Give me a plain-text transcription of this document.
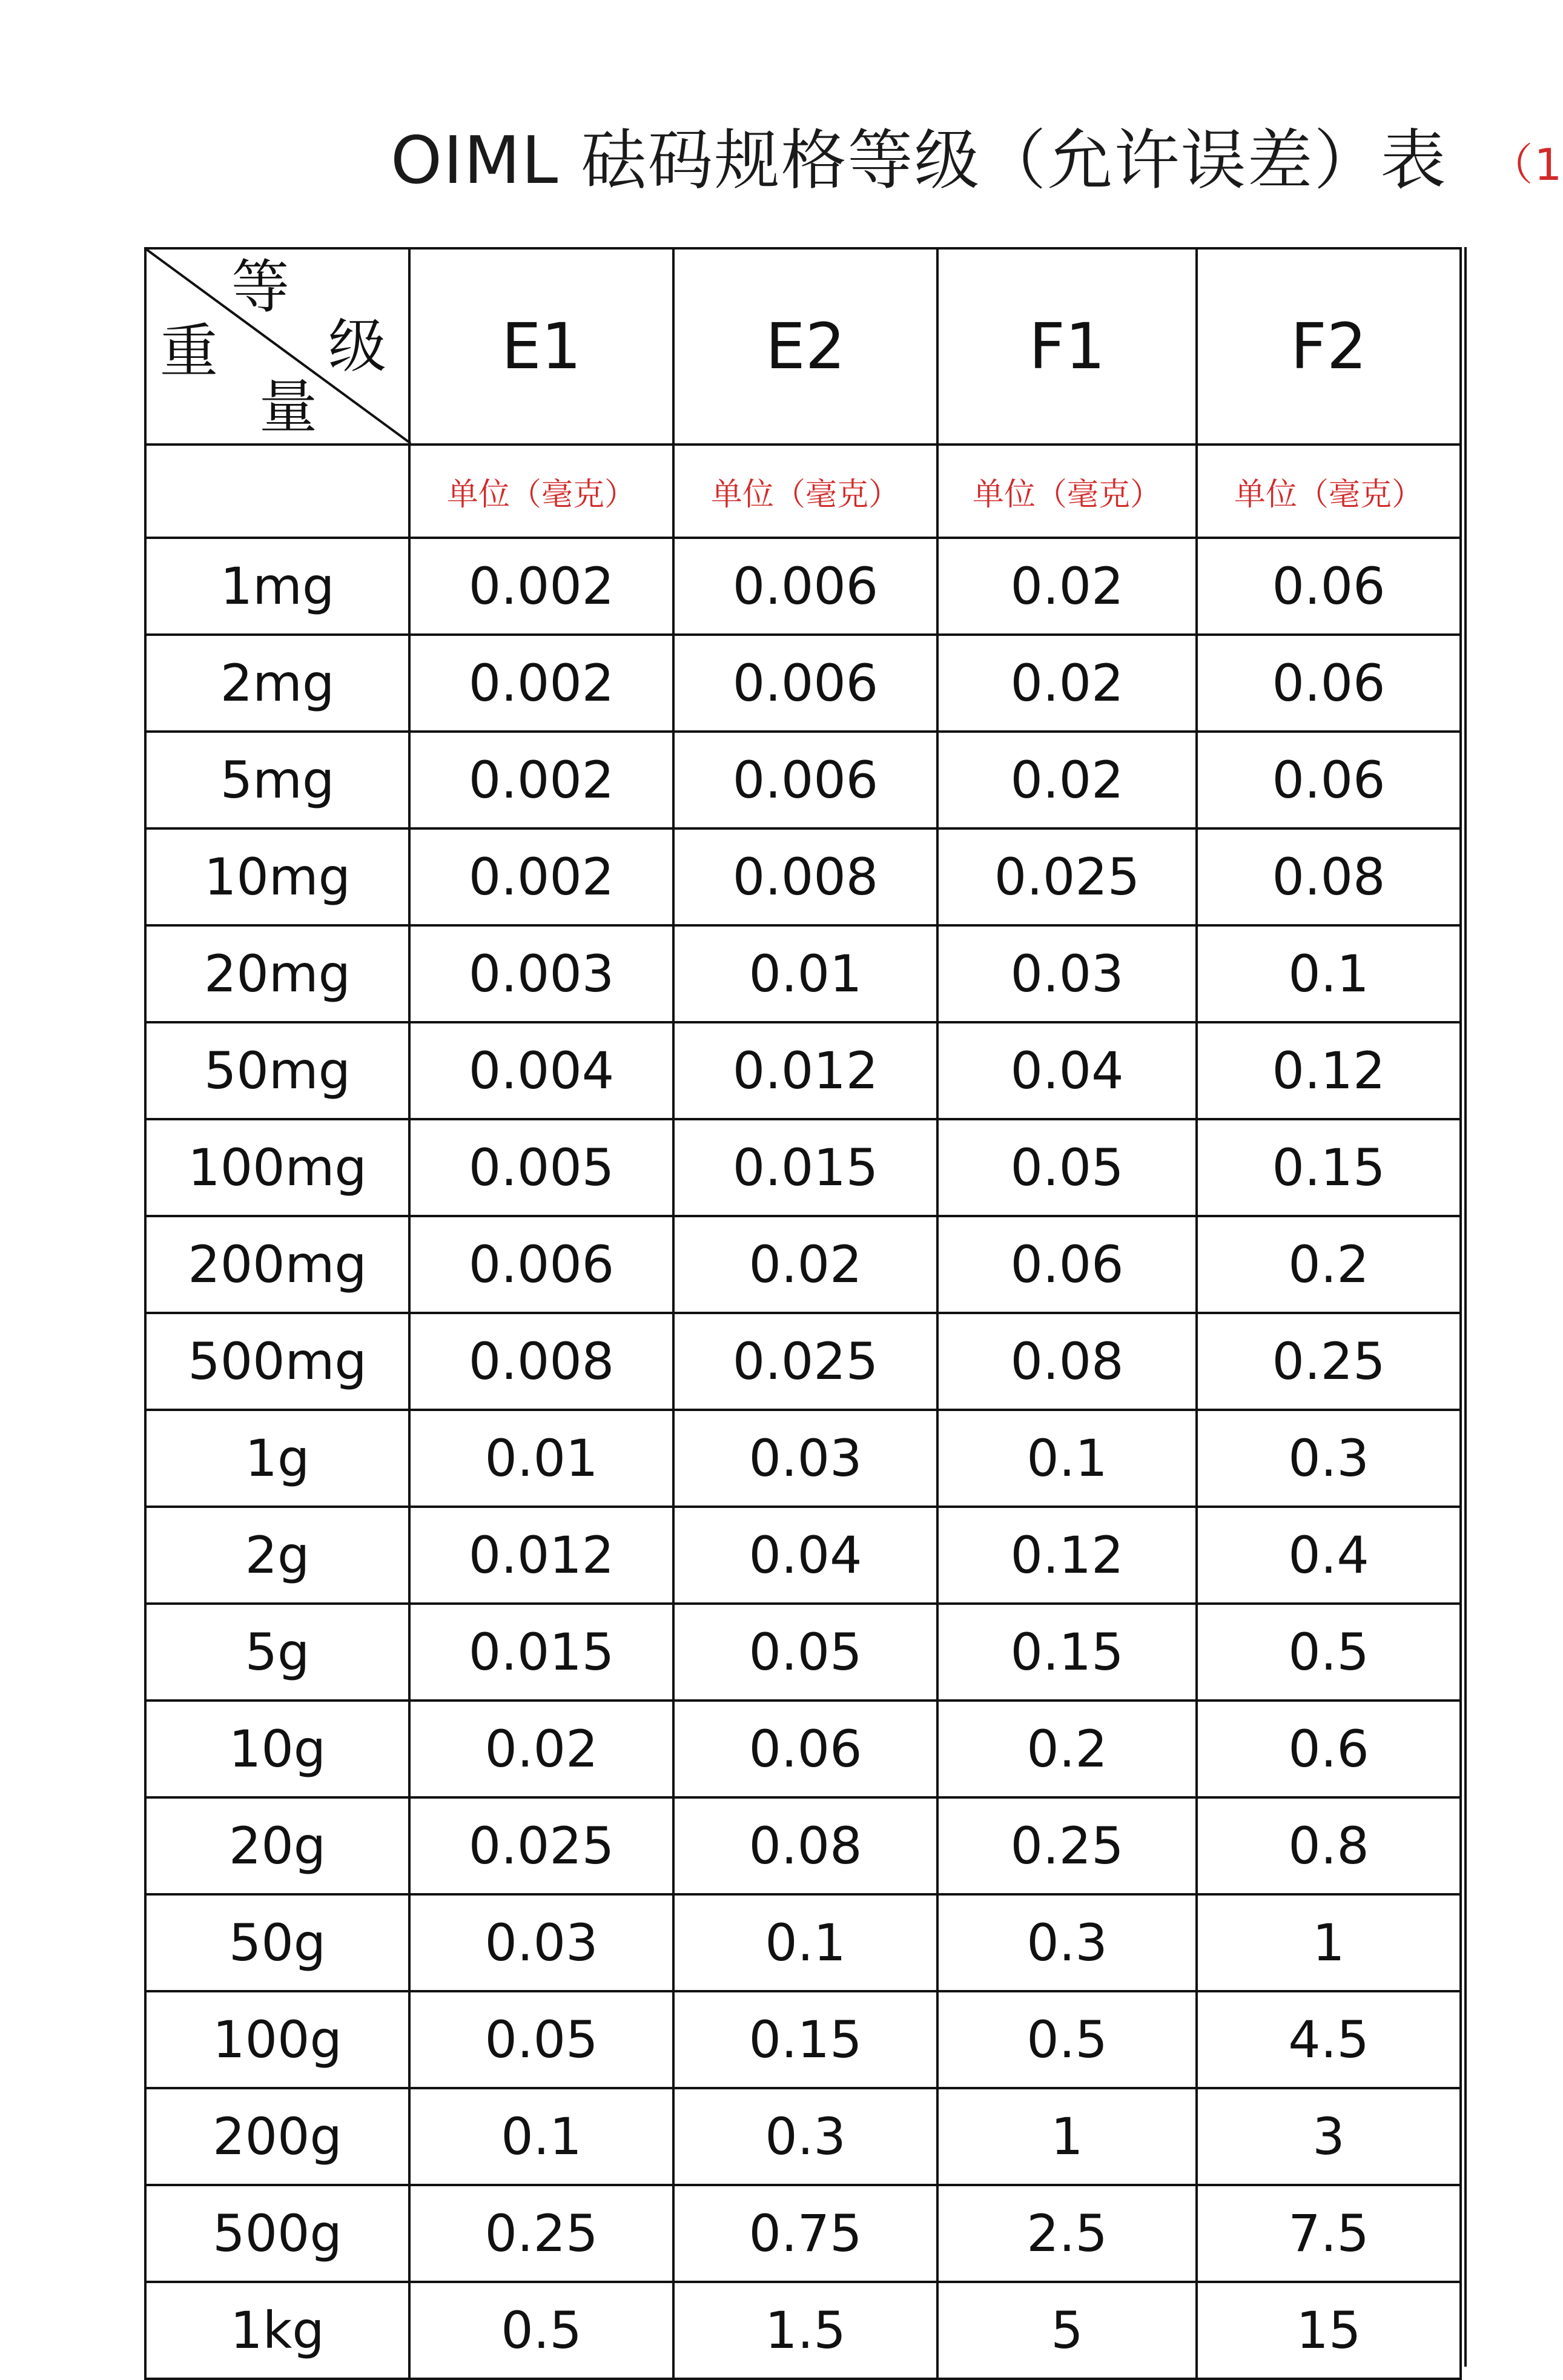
OIML 砝码规格等级（允许误差）表 （1
等
级
重
量	E1	E2	F1	F2
	单位（毫克）	单位（毫克）	单位（毫克）	单位（毫克）
1mg	0.002	0.006	0.02	0.06
2mg	0.002	0.006	0.02	0.06
5mg	0.002	0.006	0.02	0.06
10mg	0.002	0.008	0.025	0.08
20mg	0.003	0.01	0.03	0.1
50mg	0.004	0.012	0.04	0.12
100mg	0.005	0.015	0.05	0.15
200mg	0.006	0.02	0.06	0.2
500mg	0.008	0.025	0.08	0.25
1g	0.01	0.03	0.1	0.3
2g	0.012	0.04	0.12	0.4
5g	0.015	0.05	0.15	0.5
10g	0.02	0.06	0.2	0.6
20g	0.025	0.08	0.25	0.8
50g	0.03	0.1	0.3	1
100g	0.05	0.15	0.5	4.5
200g	0.1	0.3	1	3
500g	0.25	0.75	2.5	7.5
1kg	0.5	1.5	5	15
